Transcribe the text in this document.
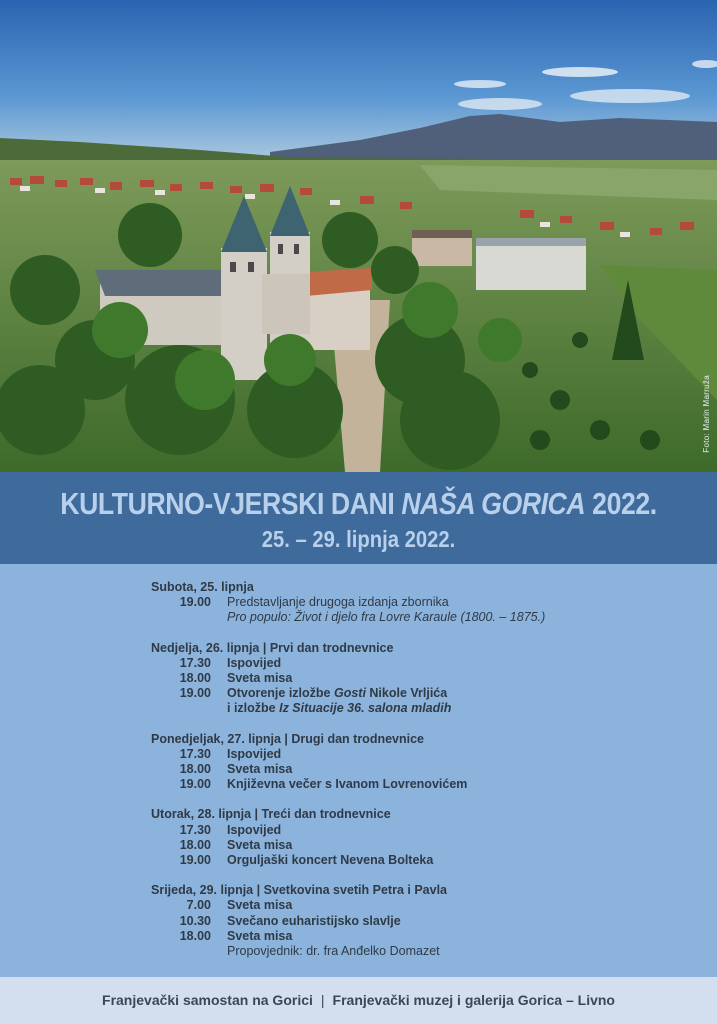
Foto: Marin Marruža
KULTURNO-VJERSKI DANI NAŠA GORICA 2022.
25. – 29. lipnja 2022.
Subota, 25. lipnja
19.00	Predstavljanje drugoga izdanja zbornika
Pro populo: Život i djelo fra Lovre Karaule (1800. – 1875.)
Nedjelja, 26. lipnja | Prvi dan trodnevnice
17.30	Ispovijed
18.00	Sveta misa
19.00	Otvorenje izložbe Gosti Nikole Vrljića
i izložbe Iz Situacije 36. salona mladih
Ponedjeljak, 27. lipnja | Drugi dan trodnevnice
17.30	Ispovijed
18.00	Sveta misa
19.00	Književna večer s Ivanom Lovrenovićem
Utorak, 28. lipnja | Treći dan trodnevnice
17.30	Ispovijed
18.00	Sveta misa
19.00	Orguljaški koncert Nevena Bolteka
Srijeda, 29. lipnja | Svetkovina svetih Petra i Pavla
7.00	Sveta misa
10.30	Svečano euharistijsko slavlje
18.00	Sveta misa
Propovjednik: dr. fra Anđelko Domazet
Franjevački samostan na Gorici | Franjevački muzej i galerija Gorica – Livno
